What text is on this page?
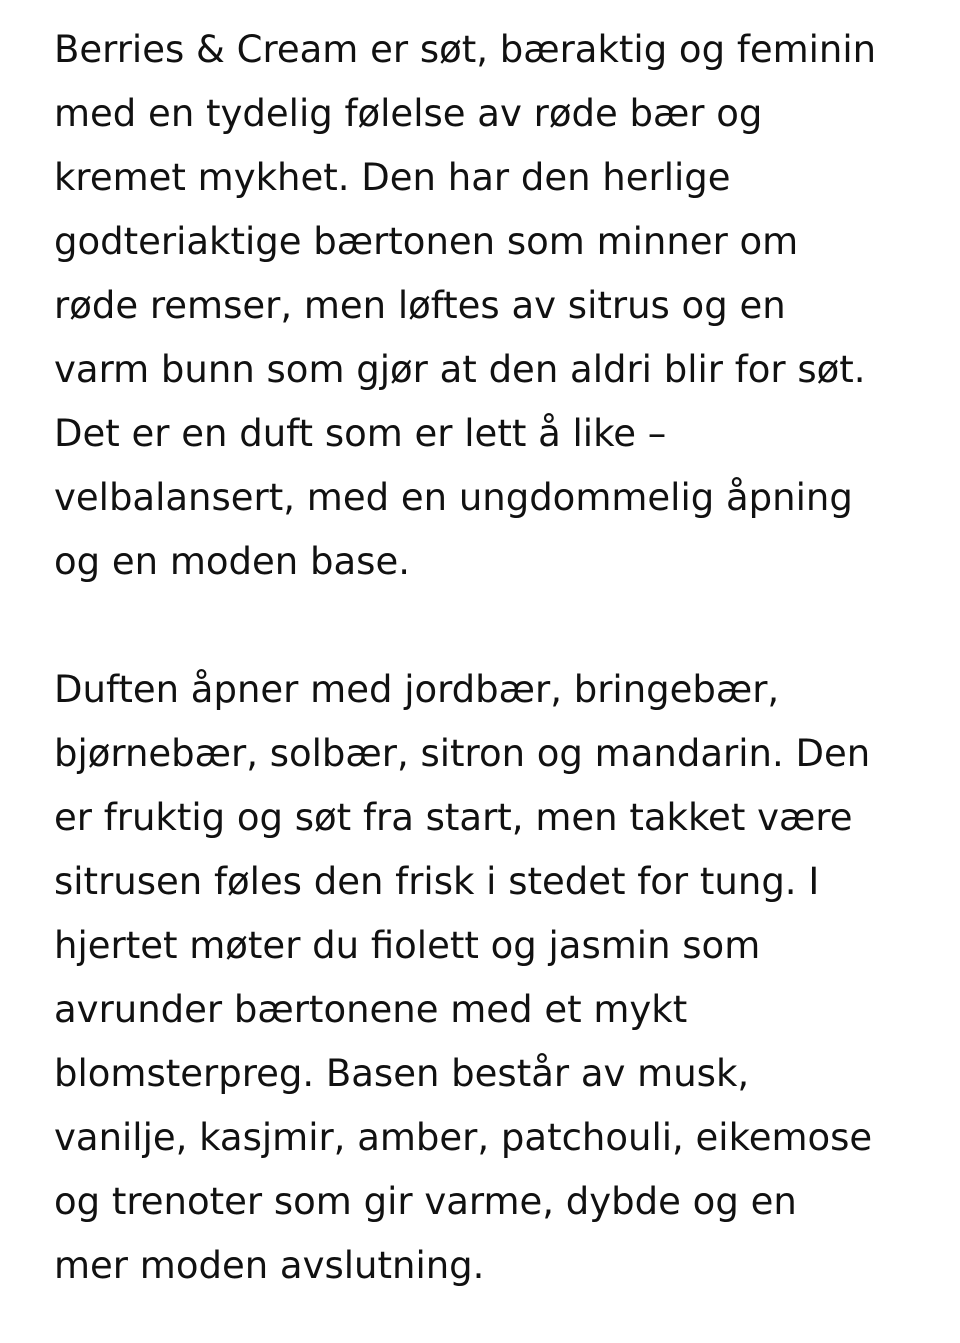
Berries & Cream er søt, bæraktig og feminin
med en tydelig følelse av røde bær og
kremet mykhet. Den har den herlige
godteriaktige bærtonen som minner om
røde remser, men løftes av sitrus og en
varm bunn som gjør at den aldri blir for søt.
Det er en duft som er lett å like –
velbalansert, med en ungdommelig åpning
og en moden base.

Duften åpner med jordbær, bringebær,
bjørnebær, solbær, sitron og mandarin. Den
er fruktig og søt fra start, men takket være
sitrusen føles den frisk i stedet for tung. I
hjertet møter du fiolett og jasmin som
avrunder bærtonene med et mykt
blomsterpreg. Basen består av musk,
vanilje, kasjmir, amber, patchouli, eikemose
og trenoter som gir varme, dybde og en
mer moden avslutning.
